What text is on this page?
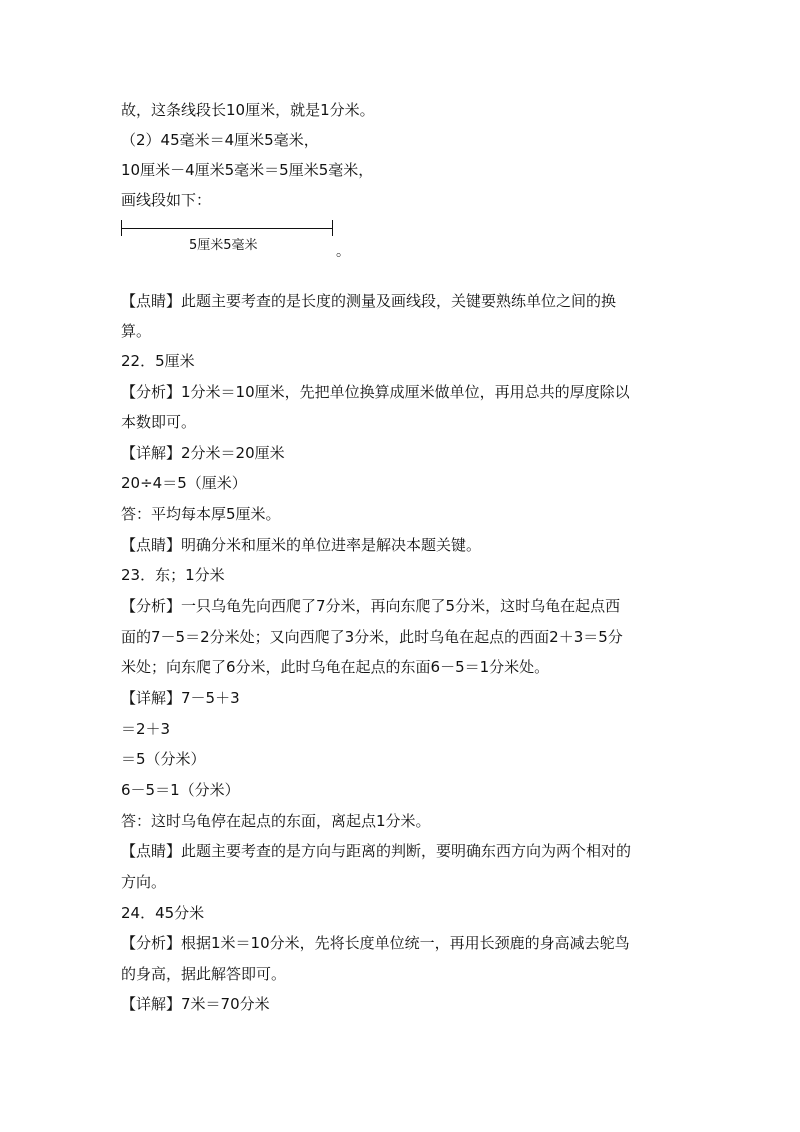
故，这条线段长10厘米，就是1分米。
（2）45毫米＝4厘米5毫米，
10厘米－4厘米5毫米＝5厘米5毫米，
画线段如下：
5厘米5毫米	。
【点睛】此题主要考查的是长度的测量及画线段，关键要熟练单位之间的换
算。
22．5厘米
【分析】1分米＝10厘米，先把单位换算成厘米做单位，再用总共的厚度除以
本数即可。
【详解】2分米＝20厘米
20÷4＝5（厘米）
答：平均每本厚5厘米。
【点睛】明确分米和厘米的单位进率是解决本题关键。
23．东；1分米
【分析】一只乌龟先向西爬了7分米，再向东爬了5分米，这时乌龟在起点西
面的7－5＝2分米处；又向西爬了3分米，此时乌龟在起点的西面2＋3＝5分
米处；向东爬了6分米，此时乌龟在起点的东面6－5＝1分米处。
【详解】7－5＋3
＝2＋3
＝5（分米）
6－5＝1（分米）
答：这时乌龟停在起点的东面，离起点1分米。
【点睛】此题主要考查的是方向与距离的判断，要明确东西方向为两个相对的
方向。
24．45分米
【分析】根据1米＝10分米，先将长度单位统一，再用长颈鹿的身高减去鸵鸟
的身高，据此解答即可。
【详解】7米＝70分米
